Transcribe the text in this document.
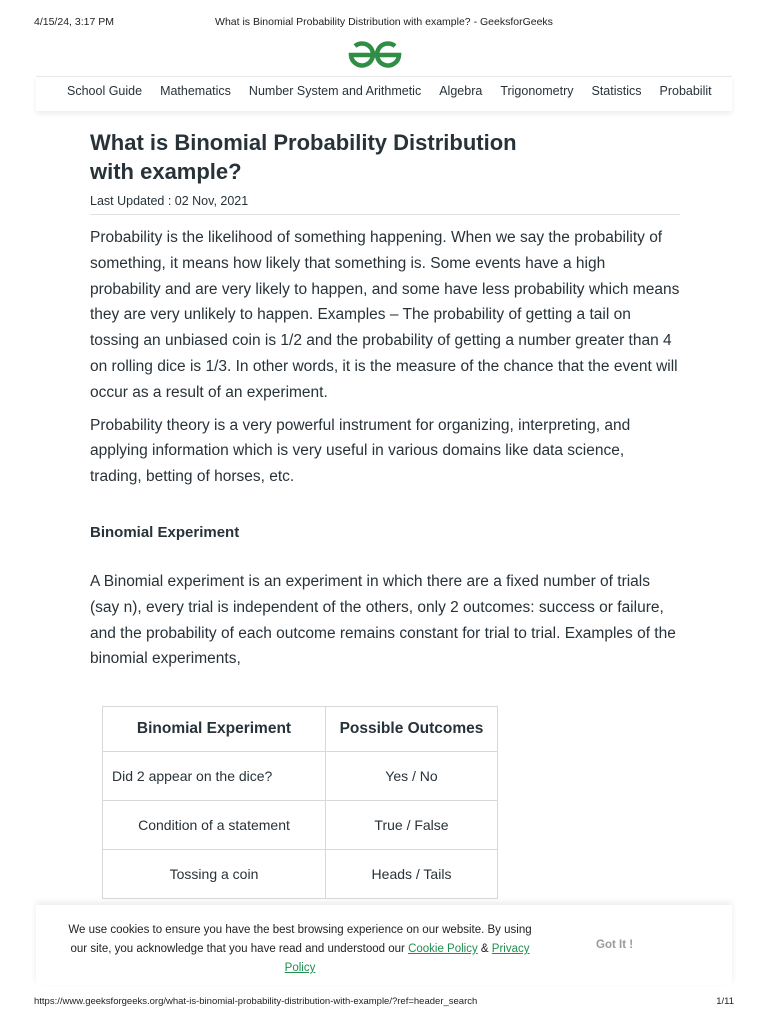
4/15/24, 3:17 PM	What is Binomial Probability Distribution with example? - GeeksforGeeks
School Guide Mathematics Number System and Arithmetic Algebra Trigonometry Statistics Probabilit
What is Binomial Probability Distribution with example?
Last Updated : 02 Nov, 2021

Probability is the likelihood of something happening. When we say the probability of something, it means how likely that something is. Some events have a high probability and are very likely to happen, and some have less probability which means they are very unlikely to happen. Examples – The probability of getting a tail on tossing an unbiased coin is 1/2 and the probability of getting a number greater than 4 on rolling dice is 1/3. In other words, it is the measure of the chance that the event will occur as a result of an experiment.

Probability theory is a very powerful instrument for organizing, interpreting, and applying information which is very useful in various domains like data science, trading, betting of horses, etc.

Binomial Experiment

A Binomial experiment is an experiment in which there are a fixed number of trials (say n), every trial is independent of the others, only 2 outcomes: success or failure, and the probability of each outcome remains constant for trial to trial. Examples of the binomial experiments,

Binomial Experiment	Possible Outcomes
Did 2 appear on the dice?	Yes / No
Condition of a statement	True / False
Tossing a coin	Heads / Tails
We use cookies to ensure you have the best browsing experience on our website. By using our site, you acknowledge that you have read and understood our Cookie Policy & Privacy Policy
Got It !
https://www.geeksforgeeks.org/what-is-binomial-probability-distribution-with-example/?ref=header_search	1/11
